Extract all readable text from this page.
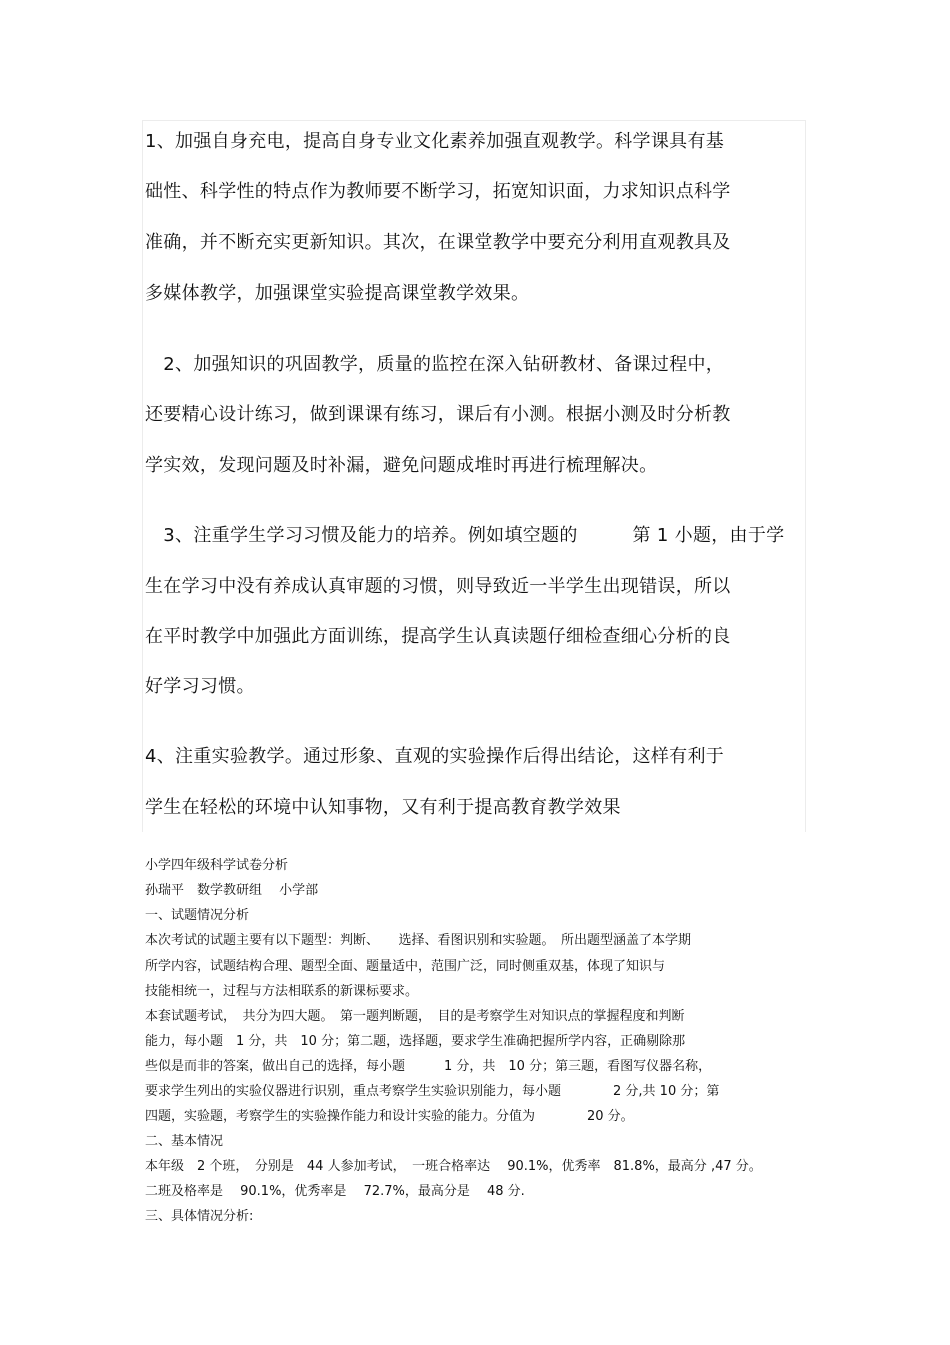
1、加强自身充电，提高自身专业文化素养加强直观教学。科学课具有基
础性、科学性的特点作为教师要不断学习，拓宽知识面，力求知识点科学
准确，并不断充实更新知识。其次，在课堂教学中要充分利用直观教具及
多媒体教学，加强课堂实验提高课堂教学效果。
　2、加强知识的巩固教学，质量的监控在深入钻研教材、备课过程中，
还要精心设计练习，做到课课有练习，课后有小测。根据小测及时分析教
学实效，发现问题及时补漏，避免问题成堆时再进行梳理解决。
　3、注重学生学习习惯及能力的培养。例如填空题的　　　第 1 小题，由于学
生在学习中没有养成认真审题的习惯，则导致近一半学生出现错误，所以
在平时教学中加强此方面训练，提高学生认真读题仔细检查细心分析的良
好学习习惯。
4、注重实验教学。通过形象、直观的实验操作后得出结论，这样有利于
学生在轻松的环境中认知事物，又有利于提高教育教学效果
小学四年级科学试卷分析
孙瑞平　数学教研组　 小学部
一、试题情况分析
本次考试的试题主要有以下题型：判断、　　选择、看图识别和实验题。　所出题型涵盖了本学期
所学内容，试题结构合理、题型全面、题量适中，范围广泛，同时侧重双基，体现了知识与
技能相统一，过程与方法相联系的新课标要求。
本套试题考试，　共分为四大题。　第一题判断题，　目的是考察学生对知识点的掌握程度和判断
能力，每小题　1 分，共　10 分；第二题，选择题，要求学生准确把握所学内容，正确剔除那
些似是而非的答案，做出自己的选择，每小题　　　1 分，共　10 分；第三题，看图写仪器名称，
要求学生列出的实验仪器进行识别，重点考察学生实验识别能力，每小题　　　　2 分,共 10 分；第
四题，实验题，考察学生的实验操作能力和设计实验的能力。分值为　　　　20 分。
二、基本情况
本年级　2 个班，　分别是　44 人参加考试，　一班合格率达　 90.1%，优秀率　81.8%，最高分 ,47 分。
二班及格率是　 90.1%，优秀率是　 72.7%，最高分是　 48 分.
三、具体情况分析:
